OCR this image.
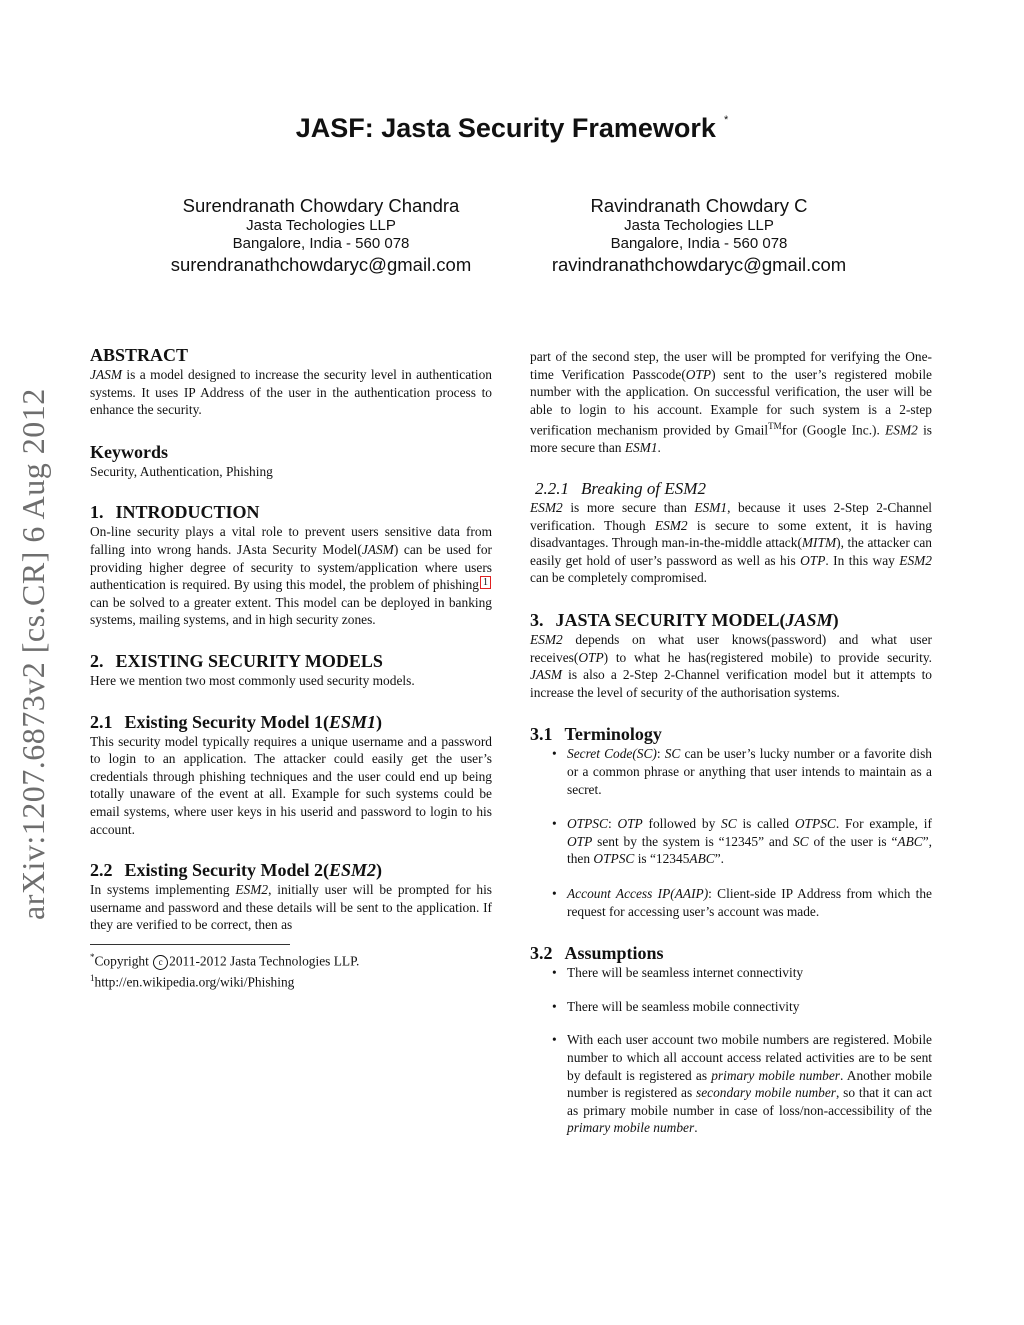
arXiv:1207.6873v2 [cs.CR] 6 Aug 2012
JASF: Jasta Security Framework *
Surendranath Chowdary Chandra
Jasta Techologies LLP
Bangalore, India - 560 078
surendranathchowdaryc@gmail.com
Ravindranath Chowdary C
Jasta Techologies LLP
Bangalore, India - 560 078
ravindranathchowdaryc@gmail.com
ABSTRACT

JASM is a model designed to increase the security level in authentication systems. It uses IP Address of the user in the authentication process to enhance the security.

Keywords

Security, Authentication, Phishing

1. INTRODUCTION

On-line security plays a vital role to prevent users sensitive data from falling into wrong hands. JAsta Security Model(JASM) can be used for providing higher degree of security to system/application where users authentication is required. By using this model, the problem of phishing 1 can be solved to a greater extent. This model can be deployed in banking systems, mailing systems, and in high security zones.

2. EXISTING SECURITY MODELS

Here we mention two most commonly used security models.

2.1 Existing Security Model 1(ESM1)

This security model typically requires a unique username and a password to login to an application. The attacker could easily get the user’s credentials through phishing techniques and the user could end up being totally unaware of the event at all. Example for such systems could be email systems, where user keys in his userid and password to login to his account.

2.2 Existing Security Model 2(ESM2)

In systems implementing ESM2, initially user will be prompted for his username and password and these details will be sent to the application. If they are verified to be correct, then as

*Copyright c 2011-2012 Jasta Technologies LLP.
$^1$http://en.wikipedia.org/wiki/Phishing

part of the second step, the user will be prompted for verifying the One-time Verification Passcode(OTP) sent to the user’s registered mobile number with the application. On successful verification, the user will be able to login to his account. Example for such system is a 2-step verification mechanism provided by Gmail™for (Google Inc.). ESM2 is more secure than ESM1.

2.2.1 Breaking of ESM2

ESM2 is more secure than ESM1, because it uses 2-Step 2-Channel verification. Though ESM2 is secure to some extent, it is having disadvantages. Through man-in-the-middle attack(MITM), the attacker can easily get hold of user’s password as well as his OTP. In this way ESM2 can be completely compromised.

3. JASTA SECURITY MODEL(JASM)

ESM2 depends on what user knows(password) and what user receives(OTP) to what he has(registered mobile) to provide security. JASM is also a 2-Step 2-Channel verification model but it attempts to increase the level of security of the authorisation systems.

3.1 Terminology
• Secret Code(SC): SC can be user’s lucky number or a favorite dish or a common phrase or anything that user intends to maintain as a secret.
• OTPSC: OTP followed by SC is called OTPSC. For example, if OTP sent by the system is “12345” and SC of the user is “ABC”, then OTPSC is “12345ABC”.
• Account Access IP(AAIP): Client-side IP Address from which the request for accessing user’s account was made.
3.2 Assumptions
• There will be seamless internet connectivity
• There will be seamless mobile connectivity
• With each user account two mobile numbers are registered. Mobile number to which all account access related activities are to be sent by default is registered as primary mobile number. Another mobile number is registered as secondary mobile number, so that it can act as primary mobile number in case of loss/non-accessibility of the primary mobile number.
